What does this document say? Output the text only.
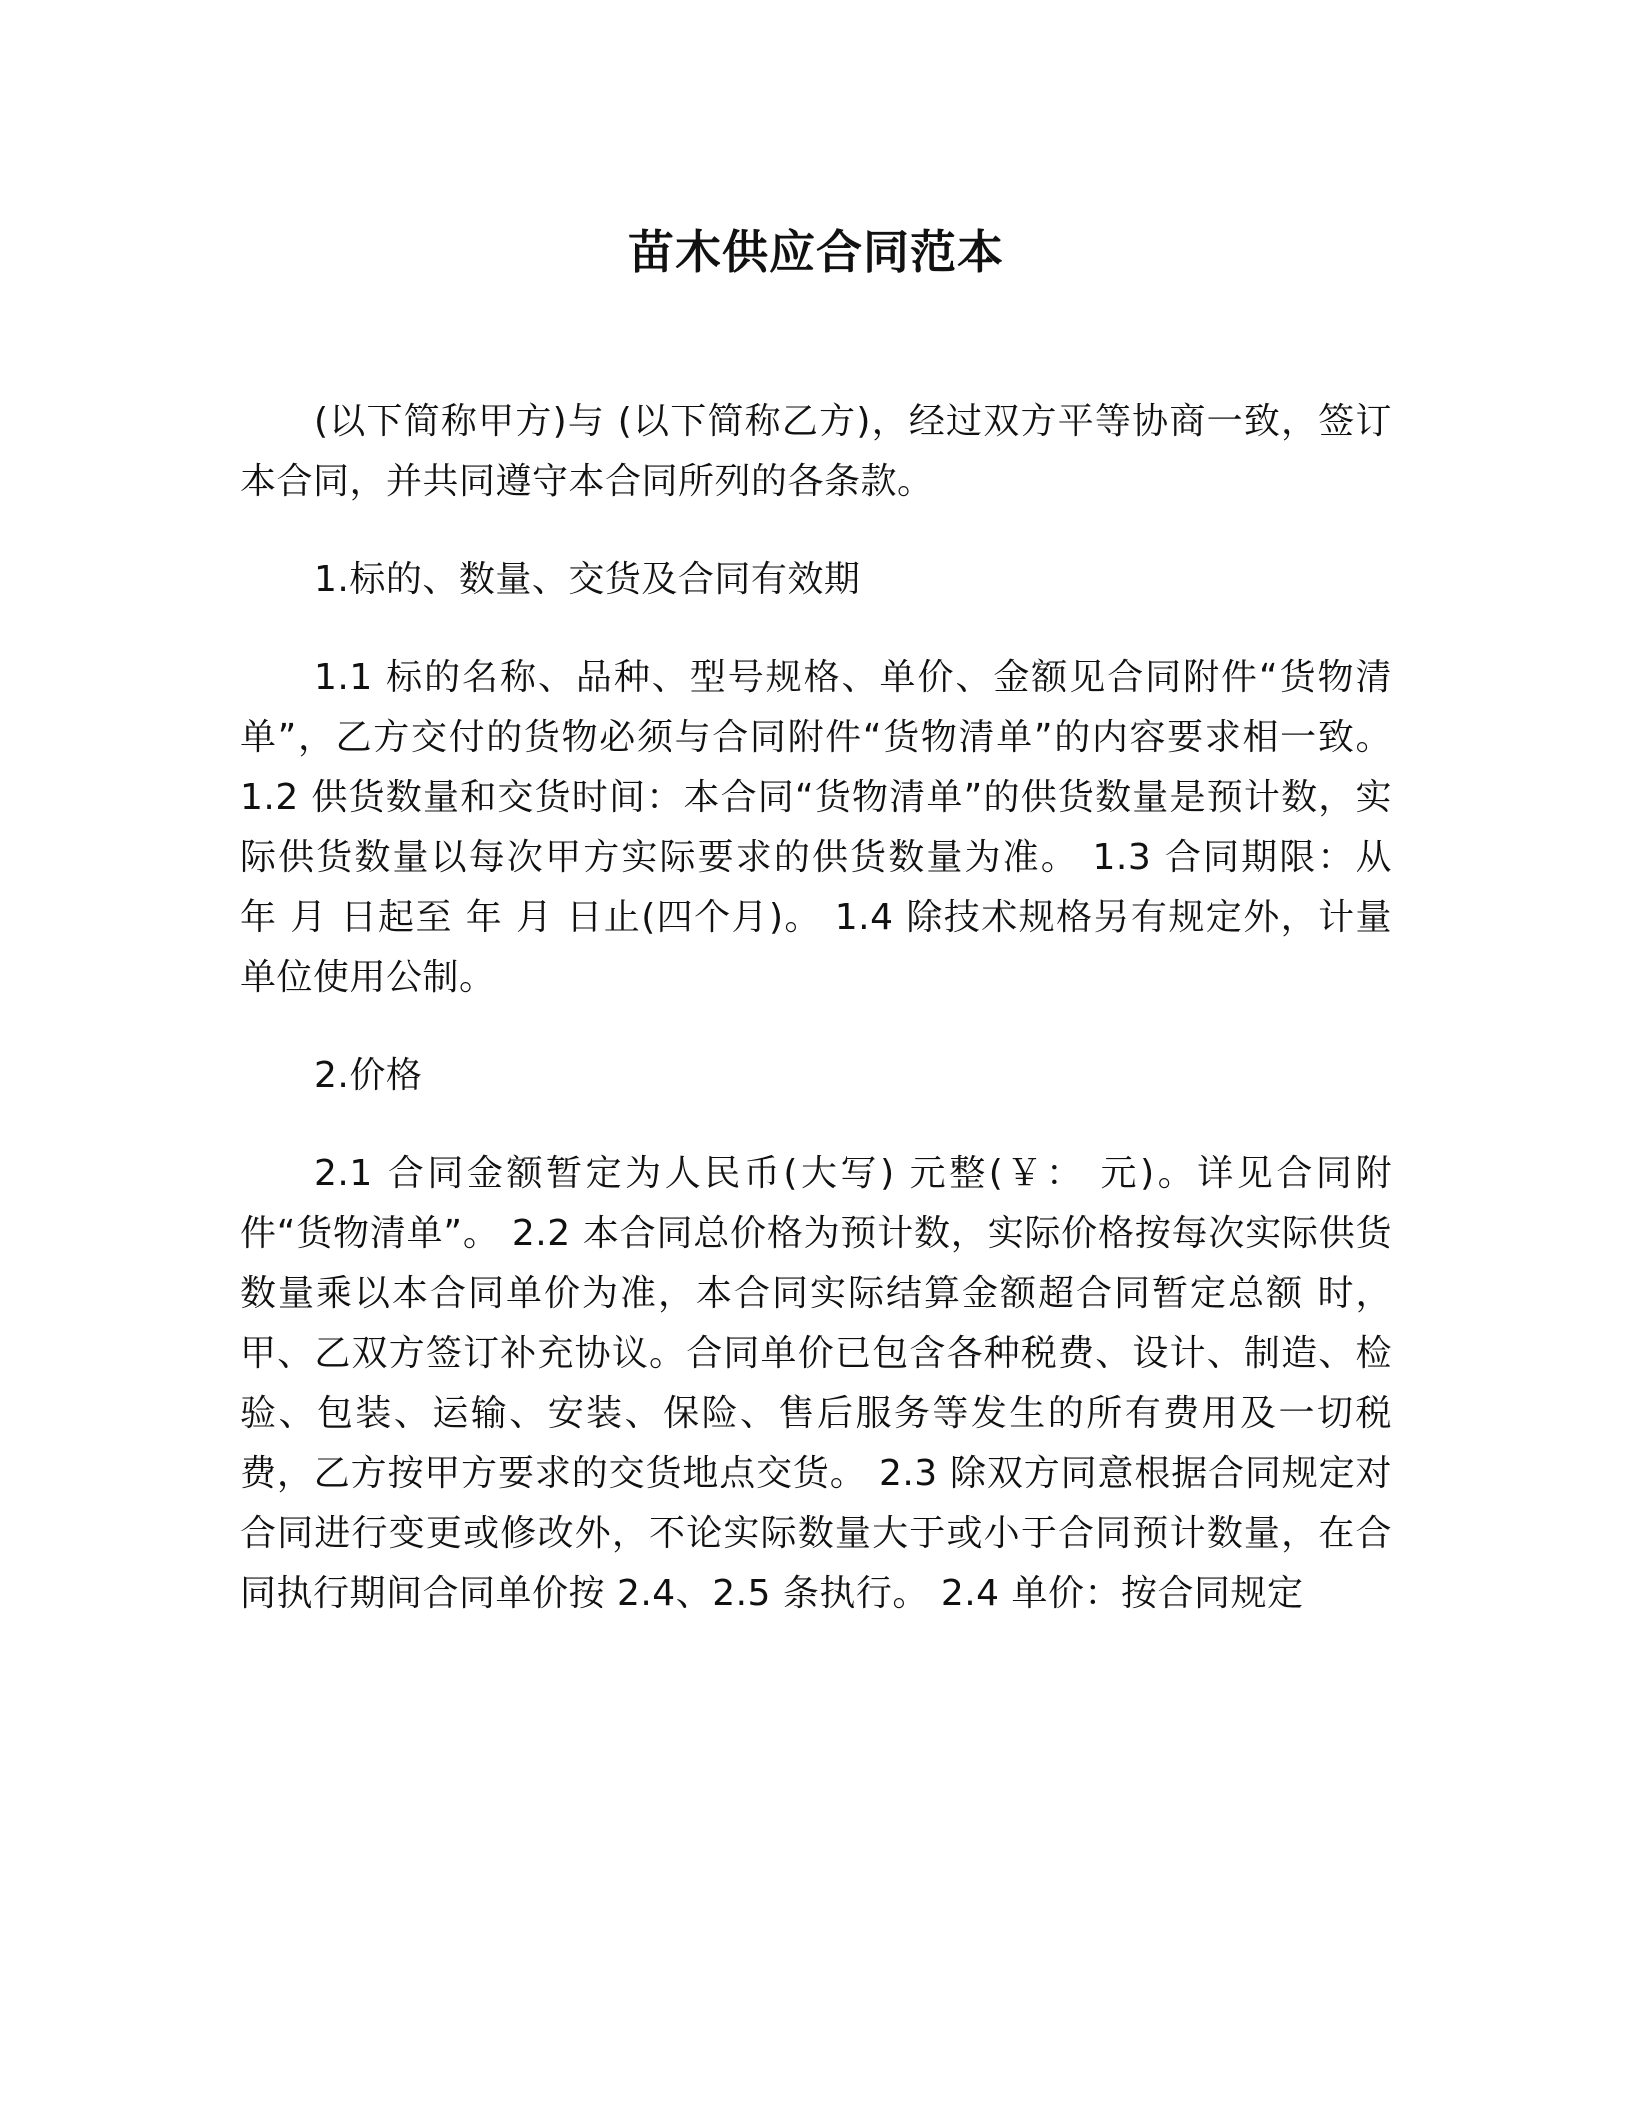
苗木供应合同范本

(以下简称甲方)与 (以下简称乙方)，经过双方平等协商一致，签订本合同，并共同遵守本合同所列的各条款。

1.标的、数量、交货及合同有效期

1.1 标的名称、品种、型号规格、单价、金额见合同附件“货物清单”，乙方交付的货物必须与合同附件“货物清单”的内容要求相一致。 1.2 供货数量和交货时间：本合同“货物清单”的供货数量是预计数，实际供货数量以每次甲方实际要求的供货数量为准。 1.3 合同期限：从 年 月 日起至 年 月 日止(四个月)。 1.4 除技术规格另有规定外，计量单位使用公制。

2.价格

2.1 合同金额暂定为人民币(大写) 元整(￥： 元)。详见合同附件“货物清单”。 2.2 本合同总价格为预计数，实际价格按每次实际供货数量乘以本合同单价为准，本合同实际结算金额超合同暂定总额 时，甲、乙双方签订补充协议。合同单价已包含各种税费、设计、制造、检验、包装、运输、安装、保险、售后服务等发生的所有费用及一切税费，乙方按甲方要求的交货地点交货。 2.3 除双方同意根据合同规定对合同进行变更或修改外，不论实际数量大于或小于合同预计数量，在合同执行期间合同单价按 2.4、2.5 条执行。 2.4 单价：按合同规定
